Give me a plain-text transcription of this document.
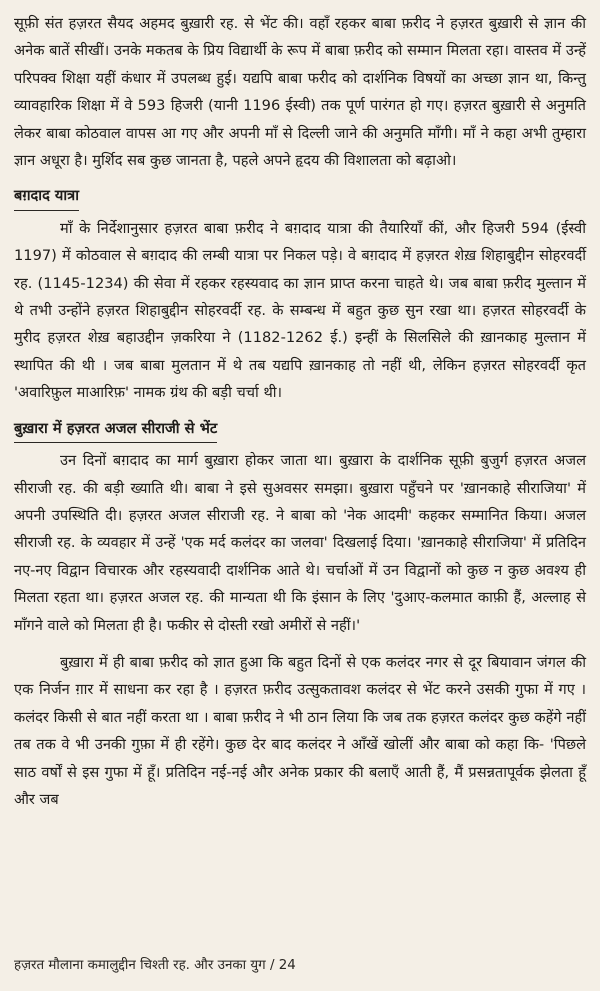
सूफ़ी संत हज़रत सैयद अहमद बुख़ारी रह. से भेंट की। वहाँ रहकर बाबा फ़रीद ने हज़रत बुख़ारी से ज्ञान की अनेक बातें सीखीं। उनके मकतब के प्रिय विद्यार्थी के रूप में बाबा फ़रीद को सम्मान मिलता रहा। वास्तव में उन्हें परिपक्व शिक्षा यहीं कंधार में उपलब्ध हुई। यद्यपि बाबा फरीद को दार्शनिक विषयों का अच्छा ज्ञान था, किन्तु व्यावहारिक शिक्षा में वे 593 हिजरी (यानी 1196 ईस्वी) तक पूर्ण पारंगत हो गए। हज़रत बुख़ारी से अनुमति लेकर बाबा कोठवाल वापस आ गए और अपनी माँ से दिल्ली जाने की अनुमति माँगी। माँ ने कहा अभी तुम्हारा ज्ञान अधूरा है। मुर्शिद सब कुछ जानता है, पहले अपने हृदय की विशालता को बढ़ाओ।

बग़दाद यात्रा

माँ के निर्देशानुसार हज़रत बाबा फ़रीद ने बग़दाद यात्रा की तैयारियाँ कीं, और हिजरी 594 (ईस्वी 1197) में कोठवाल से बग़दाद की लम्बी यात्रा पर निकल पड़े। वे बग़दाद में हज़रत शेख़ शिहाबुद्दीन सोहरवर्दी रह. (1145-1234) की सेवा में रहकर रहस्यवाद का ज्ञान प्राप्त करना चाहते थे। जब बाबा फ़रीद मुल्तान में थे तभी उन्होंने हज़रत शिहाबुद्दीन सोहरवर्दी रह. के सम्बन्ध में बहुत कुछ सुन रखा था। हज़रत सोहरवर्दी के मुरीद हज़रत शेख़ बहाउद्दीन ज़करिया ने (1182-1262 ई.) इन्हीं के सिलसिले की ख़ानकाह मुल्तान में स्थापित की थी । जब बाबा मुलतान में थे तब यद्यपि ख़ानकाह तो नहीं थी, लेकिन हज़रत सोहरवर्दी कृत 'अवारिफ़ुल माआरिफ़' नामक ग्रंथ की बड़ी चर्चा थी।

बुख़ारा में हज़रत अजल सीराजी से भेंट

उन दिनों बग़दाद का मार्ग बुख़ारा होकर जाता था। बुख़ारा के दार्शनिक सूफ़ी बुजुर्ग हज़रत अजल सीराजी रह. की बड़ी ख्याति थी। बाबा ने इसे सुअवसर समझा। बुख़ारा पहुँचने पर 'ख़ानकाहे सीराजिया' में अपनी उपस्थिति दी। हज़रत अजल सीराजी रह. ने बाबा को 'नेक आदमी' कहकर सम्मानित किया। अजल सीराजी रह. के व्यवहार में उन्हें 'एक मर्द कलंदर का जलवा' दिखलाई दिया। 'ख़ानकाहे सीराजिया' में प्रतिदिन नए-नए विद्वान विचारक और रहस्यवादी दार्शनिक आते थे। चर्चाओं में उन विद्वानों को कुछ न कुछ अवश्य ही मिलता रहता था। हज़रत अजल रह. की मान्यता थी कि इंसान के लिए 'दुआए-कलमात काफ़ी हैं, अल्लाह से माँगने वाले को मिलता ही है। फकीर से दोस्ती रखो अमीरों से नहीं।'

बुख़ारा में ही बाबा फ़रीद को ज्ञात हुआ कि बहुत दिनों से एक कलंदर नगर से दूर बियावान जंगल की एक निर्जन ग़ार में साधना कर रहा है । हज़रत फ़रीद उत्सुकतावश कलंदर से भेंट करने उसकी गुफा में गए । कलंदर किसी से बात नहीं करता था । बाबा फ़रीद ने भी ठान लिया कि जब तक हज़रत कलंदर कुछ कहेंगे नहीं तब तक वे भी उनकी गुफ़ा में ही रहेंगे। कुछ देर बाद कलंदर ने आँखें खोलीं और बाबा को कहा कि- 'पिछले साठ वर्षों से इस गुफा में हूँ। प्रतिदिन नई-नई और अनेक प्रकार की बलाएँ आती हैं, मैं प्रसन्नतापूर्वक झेलता हूँ और जब

हज़रत मौलाना कमालुद्दीन चिश्ती रह. और उनका युग / 24
